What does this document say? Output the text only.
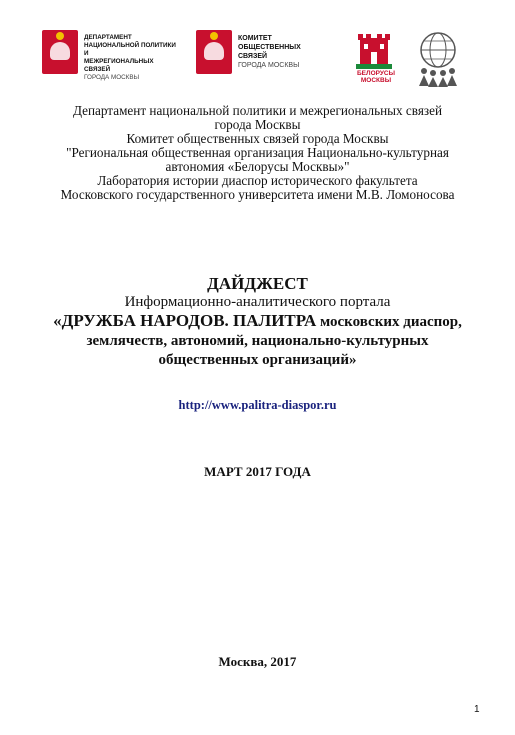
ДЕПАРТАМЕНТ
НАЦИОНАЛЬНОЙ ПОЛИТИКИ И
МЕЖРЕГИОНАЛЬНЫХ СВЯЗЕЙ
ГОРОДА МОСКВЫ
КОМИТЕТ ОБЩЕСТВЕННЫХ
СВЯЗЕЙ
ГОРОДА МОСКВЫ
БЕЛОРУСЫ
МОСКВЫ
Департамент национальной политики и межрегиональных связей
города Москвы
Комитет общественных связей города Москвы
"Региональная общественная организация Национально-культурная
автономия «Белорусы Москвы»"
Лаборатория истории диаспор исторического факультета
Московского государственного университета имени М.В. Ломоносова
ДАЙДЖЕСТ
Информационно-аналитического портала
«ДРУЖБА НАРОДОВ. ПАЛИТРА московских диаспор,
землячеств, автономий, национально-культурных
общественных организаций»
http://www.palitra-diaspor.ru
МАРТ 2017 ГОДА
Москва, 2017
1
